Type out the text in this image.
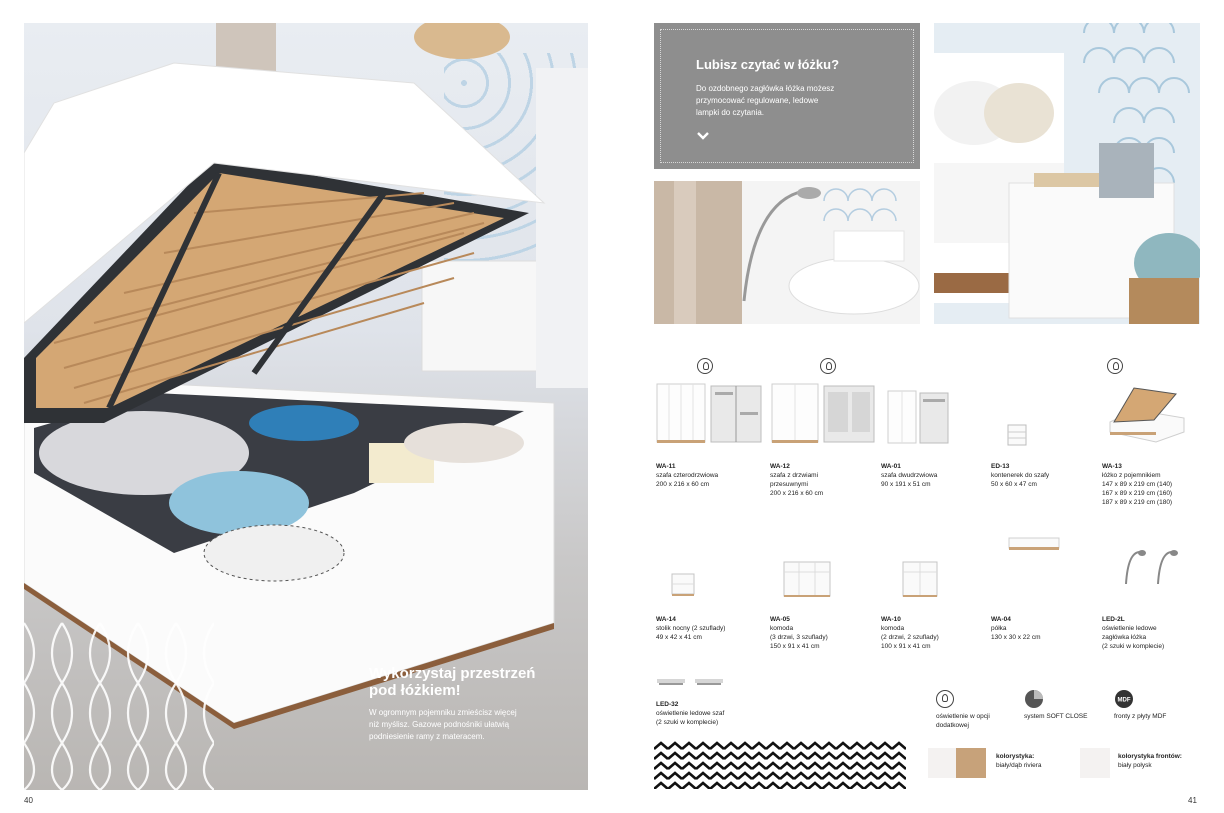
Wykorzystaj przestrzeń
pod łóżkiem!

W ogromnym pojemniku zmieścisz więcej
niż myślisz. Gazowe podnośniki ułatwią
podniesienie ramy z materacem.

40
Lubisz czytać w łóżku?

Do ozdobnego zagłówka łóżka możesz
przymocować regulowane, ledowe
lampki do czytania.

WA-11
szafa czterodrzwiowa
200 x 216 x 60 cm
WA-12
szafa z drzwiami
przesuwnymi
200 x 216 x 60 cm
WA-01
szafa dwudrzwiowa
90 x 191 x 51 cm
ED-13
kontenerek do szafy
50 x 60 x 47 cm
WA-13
łóżko z pojemnikiem
147 x 89 x 219 cm (140)
167 x 89 x 219 cm (160)
187 x 89 x 219 cm (180)
WA-14
stolik nocny (2 szuflady)
49 x 42 x 41 cm
WA-05
komoda
(3 drzwi, 3 szuflady)
150 x 91 x 41 cm
WA-10
komoda
(2 drzwi, 2 szuflady)
100 x 91 x 41 cm
WA-04
półka
130 x 30 x 22 cm
LED-2L
oświetlenie ledowe
zagłówka łóżka
(2 szuki w komplecie)
LED-32
oświetlenie ledowe szaf
(2 szuki w komplecie)
oświetlenie w opcji
dodatkowej
system SOFT CLOSE
MDF
fronty z płyty MDF
kolorystyka:
biały/dąb riviera
kolorystyka frontów:
biały połysk
41
